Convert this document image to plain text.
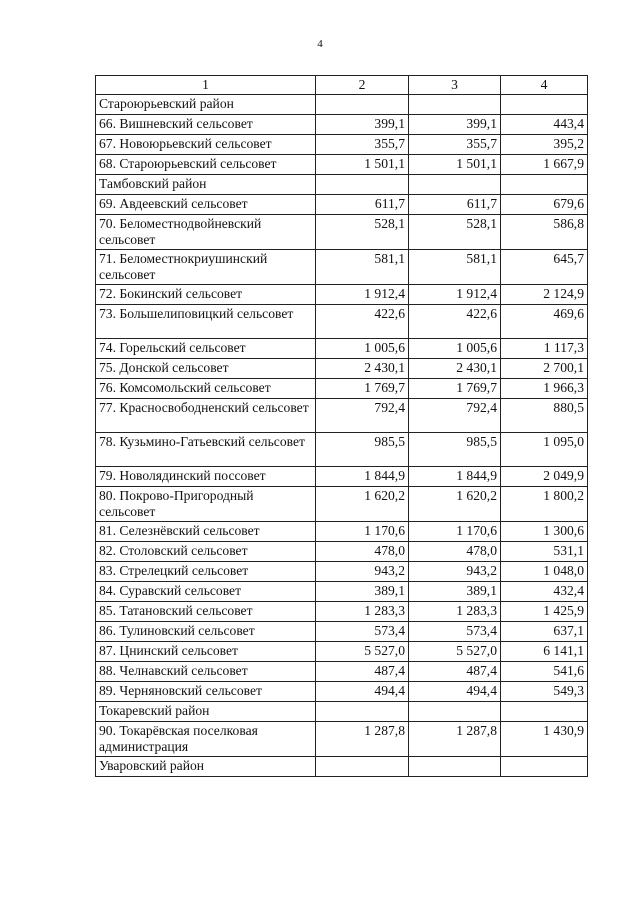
4
1	2	3	4
Староюрьевский район			
66. Вишневский сельсовет	399,1	399,1	443,4
67. Новоюрьевский сельсовет	355,7	355,7	395,2
68. Староюрьевский сельсовет	1 501,1	1 501,1	1 667,9
Тамбовский район			
69. Авдеевский сельсовет	611,7	611,7	679,6
70. Беломестнодвойневский сельсовет	528,1	528,1	586,8
71. Беломестнокриушинский сельсовет	581,1	581,1	645,7
72. Бокинский сельсовет	1 912,4	1 912,4	2 124,9
73. Большелиповицкий сельсовет	422,6	422,6	469,6
74. Горельский сельсовет	1 005,6	1 005,6	1 117,3
75. Донской сельсовет	2 430,1	2 430,1	2 700,1
76. Комсомольский сельсовет	1 769,7	1 769,7	1 966,3
77. Красносвободненский сельсовет	792,4	792,4	880,5
78. Кузьмино-Гатьевский сельсовет	985,5	985,5	1 095,0
79. Новолядинский поссовет	1 844,9	1 844,9	2 049,9
80. Покрово-Пригородный сельсовет	1 620,2	1 620,2	1 800,2
81. Селезнёвский сельсовет	1 170,6	1 170,6	1 300,6
82. Столовский сельсовет	478,0	478,0	531,1
83. Стрелецкий сельсовет	943,2	943,2	1 048,0
84. Суравский сельсовет	389,1	389,1	432,4
85. Татановский сельсовет	1 283,3	1 283,3	1 425,9
86. Тулиновский сельсовет	573,4	573,4	637,1
87. Цнинский сельсовет	5 527,0	5 527,0	6 141,1
88. Челнавский сельсовет	487,4	487,4	541,6
89. Черняновский сельсовет	494,4	494,4	549,3
Токаревский район			
90. Токарёвская поселковая администрация	1 287,8	1 287,8	1 430,9
Уваровский район			
